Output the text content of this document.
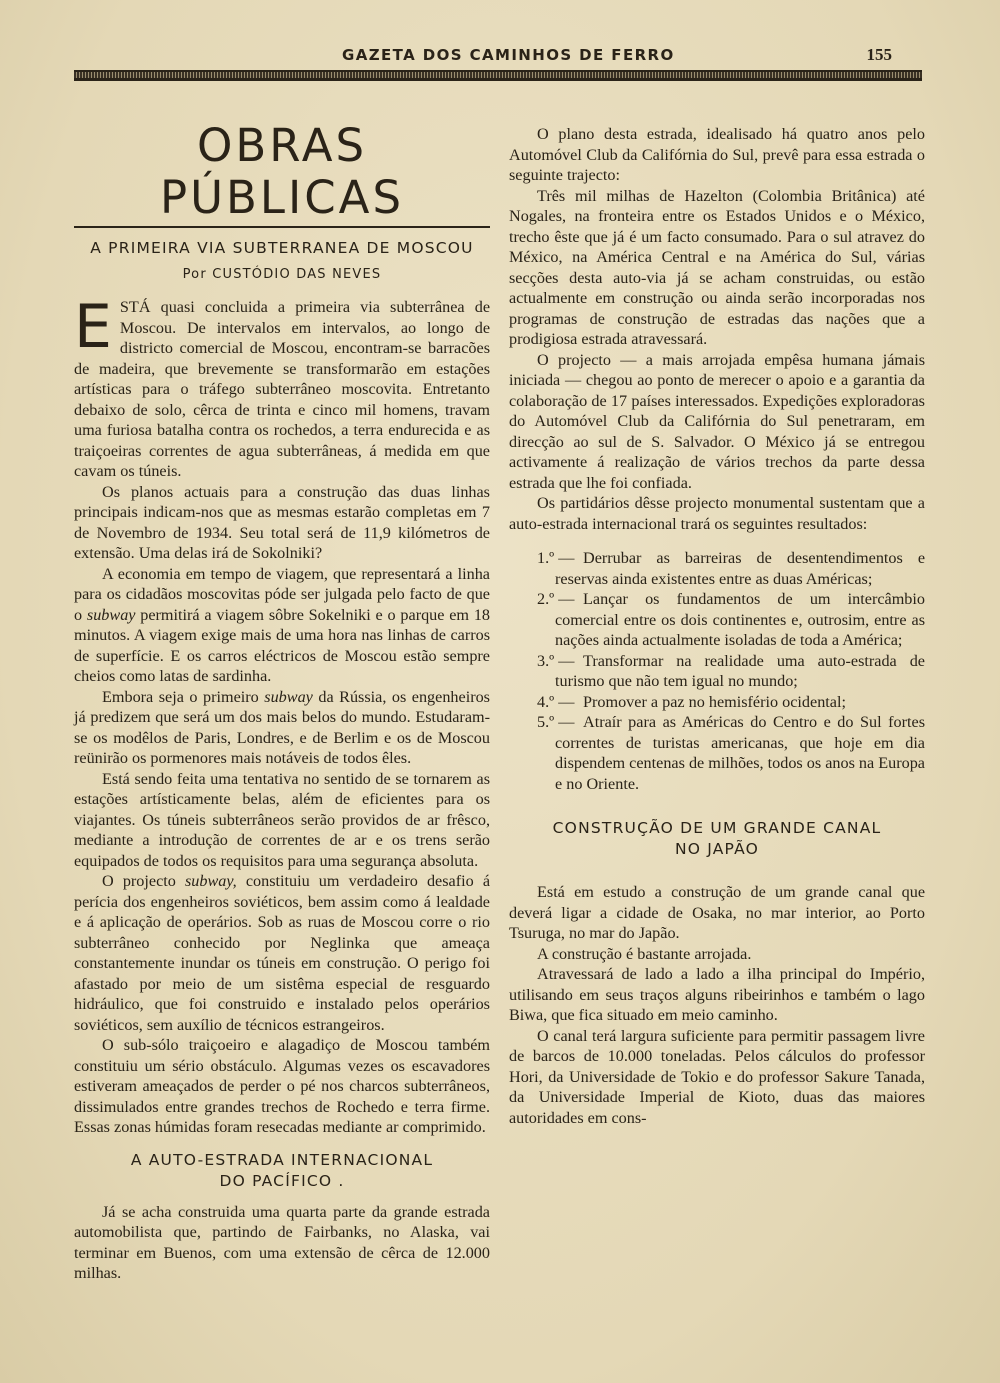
GAZETA DOS CAMINHOS DE FERRO	155
OBRAS PÚBLICAS
A PRIMEIRA VIA SUBTERRANEA DE MOSCOU
Por CUSTÓDIO DAS NEVES

ESTÁ quasi concluida a primeira via subterrânea de Moscou. De intervalos em intervalos, ao longo de districto comercial de Moscou, encontram-se barracões de madeira, que brevemente se transformarão em estações artísticas para o tráfego subterrâneo moscovita. Entretanto debaixo de solo, cêrca de trinta e cinco mil homens, travam uma furiosa batalha contra os rochedos, a terra endurecida e as traiçoeiras correntes de agua subterrâneas, á medida em que cavam os túneis.

Os planos actuais para a construção das duas linhas principais indicam-nos que as mesmas estarão completas em 7 de Novembro de 1934. Seu total será de 11,9 kilómetros de extensão. Uma delas irá de Sokolniki?

A economia em tempo de viagem, que representará a linha para os cidadãos moscovitas póde ser julgada pelo facto de que o subway permitirá a viagem sôbre Sokelniki e o parque em 18 minutos. A viagem exige mais de uma hora nas linhas de carros de superfície. E os carros eléctricos de Moscou estão sempre cheios como latas de sardinha.

Embora seja o primeiro subway da Rússia, os engenheiros já predizem que será um dos mais belos do mundo. Estudaram-se os modêlos de Paris, Londres, e de Berlim e os de Moscou reünirão os pormenores mais notáveis de todos êles.

Está sendo feita uma tentativa no sentido de se tornarem as estações artísticamente belas, além de eficientes para os viajantes. Os túneis subterrâneos serão providos de ar frêsco, mediante a introdução de correntes de ar e os trens serão equipados de todos os requisitos para uma segurança absoluta.

O projecto subway, constituiu um verdadeiro desafio á perícia dos engenheiros soviéticos, bem assim como á lealdade e á aplicação de operários. Sob as ruas de Moscou corre o rio subterrâneo conhecido por Neglinka que ameaça constantemente inundar os túneis em construção. O perigo foi afastado por meio de um sistêma especial de resguardo hidráulico, que foi construido e instalado pelos operários soviéticos, sem auxílio de técnicos estrangeiros.

O sub-sólo traiçoeiro e alagadiço de Moscou também constituiu um sério obstáculo. Algumas vezes os escavadores estiveram ameaçados de perder o pé nos charcos subterrâneos, dissimulados entre grandes trechos de Rochedo e terra firme. Essas zonas húmidas foram resecadas mediante ar comprimido.

A AUTO-ESTRADA INTERNACIONAL
DO PACÍFICO .

Já se acha construida uma quarta parte da grande estrada automobilista que, partindo de Fairbanks, no Alaska, vai terminar em Buenos, com uma extensão de cêrca de 12.000 milhas.

O plano desta estrada, idealisado há quatro anos pelo Automóvel Club da Califórnia do Sul, prevê para essa estrada o seguinte trajecto:

Três mil milhas de Hazelton (Colombia Britânica) até Nogales, na fronteira entre os Estados Unidos e o México, trecho êste que já é um facto consumado. Para o sul atravez do México, na América Central e na América do Sul, várias secções desta auto-via já se acham construidas, ou estão actualmente em construção ou ainda serão incorporadas nos programas de construção de estradas das nações que a prodigiosa estrada atravessará.

O projecto — a mais arrojada empêsa humana jámais iniciada — chegou ao ponto de merecer o apoio e a garantia da colaboração de 17 países interessados. Expedições exploradoras do Automóvel Club da Califórnia do Sul penetraram, em direcção ao sul de S. Salvador. O México já se entregou activamente á realização de vários trechos da parte dessa estrada que lhe foi confiada.

Os partidários dêsse projecto monumental sustentam que a auto-estrada internacional trará os seguintes resultados:

1.º — Derrubar as barreiras de desentendimentos e reservas ainda existentes entre as duas Américas;

2.º — Lançar os fundamentos de um intercâmbio comercial entre os dois continentes e, outrosim, entre as nações ainda actualmente isoladas de toda a América;

3.º — Transformar na realidade uma auto-estrada de turismo que não tem igual no mundo;

4.º — Promover a paz no hemisfério ocidental;

5.º — Atraír para as Américas do Centro e do Sul fortes correntes de turistas americanas, que hoje em dia dispendem centenas de milhões, todos os anos na Europa e no Oriente.

CONSTRUÇÃO DE UM GRANDE CANAL
NO JAPÃO

Está em estudo a construção de um grande canal que deverá ligar a cidade de Osaka, no mar interior, ao Porto Tsuruga, no mar do Japão.

A construção é bastante arrojada.

Atravessará de lado a lado a ilha principal do Império, utilisando em seus traços alguns ribeirinhos e também o lago Biwa, que fica situado em meio caminho.

O canal terá largura suficiente para permitir passagem livre de barcos de 10.000 toneladas. Pelos cálculos do professor Hori, da Universidade de Tokio e do professor Sakure Tanada, da Universidade Imperial de Kioto, duas das maiores autoridades em cons-
